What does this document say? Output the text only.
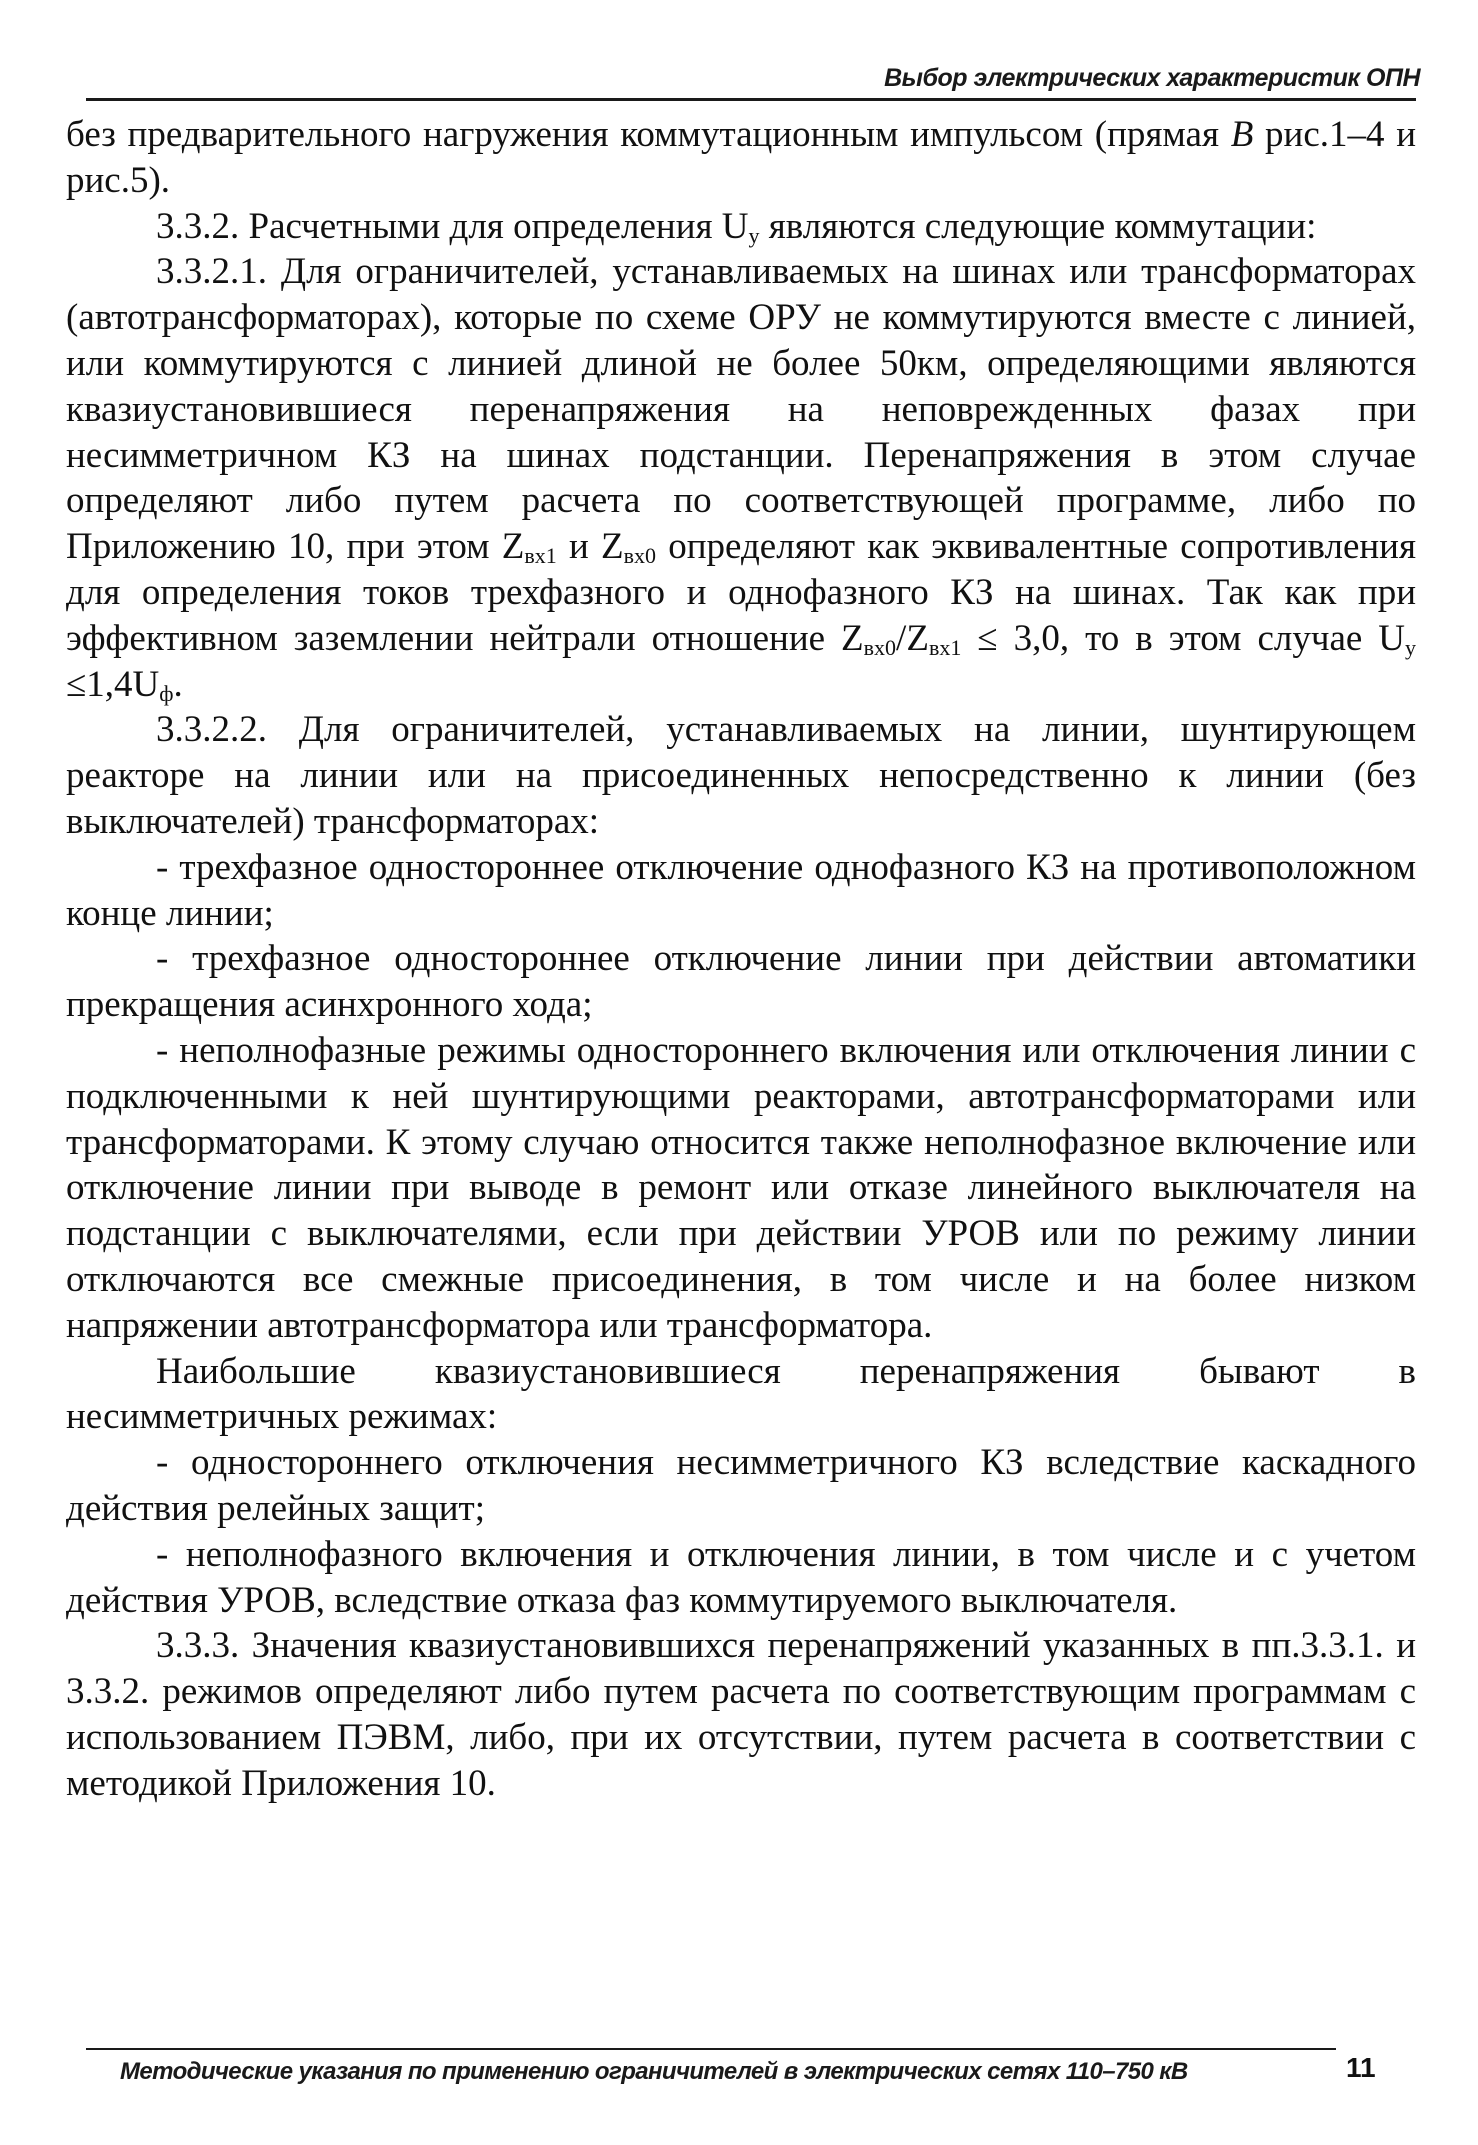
Выбор электрических характеристик ОПН

без предварительного нагружения коммутационным импульсом (прямая В рис.1–4 и рис.5).

3.3.2. Расчетными для определения $U_у$ являются следующие коммутации:

3.3.2.1. Для ограничителей, устанавливаемых на шинах или трансформаторах (автотрансформаторах), которые по схеме ОРУ не коммутируются вместе с линией, или коммутируются с линией длиной не более 50км, определяющими являются квазиустановившиеся перенапряжения на неповрежденных фазах при несимметричном КЗ на шинах подстанции. Перенапряжения в этом случае определяют либо путем расчета по соответствующей программе, либо по Приложению 10, при этом $Z_{вх1}$ и $Z_{вх0}$ определяют как эквивалентные сопротивления для определения токов трехфазного и однофазного КЗ на шинах. Так как при эффективном заземлении нейтрали отношение $Z_{вх0}/Z_{вх1} \le 3,0$, то в этом случае $U_у \le 1,4U_ф$.

3.3.2.2. Для ограничителей, устанавливаемых на линии, шунтирующем реакторе на линии или на присоединенных непосредственно к линии (без выключателей) трансформаторах:

- трехфазное одностороннее отключение однофазного КЗ на противоположном конце линии;

- трехфазное одностороннее отключение линии при действии автоматики прекращения асинхронного хода;

- неполнофазные режимы одностороннего включения или отключения линии с подключенными к ней шунтирующими реакторами, автотрансформаторами или трансформаторами. К этому случаю относится также неполнофазное включение или отключение линии при выводе в ремонт или отказе линейного выключателя на подстанции с выключателями, если при действии УРОВ или по режиму линии отключаются все смежные присоединения, в том числе и на более низком напряжении автотрансформатора или трансформатора.

Наибольшие квазиустановившиеся перенапряжения бывают в несимметричных режимах:

- одностороннего отключения несимметричного КЗ вследствие каскадного действия релейных защит;

- неполнофазного включения и отключения линии, в том числе и с учетом действия УРОВ, вследствие отказа фаз коммутируемого выключателя.

3.3.3. Значения квазиустановившихся перенапряжений указанных в пп.3.3.1. и 3.3.2. режимов определяют либо путем расчета по соответствующим программам с использованием ПЭВМ, либо, при их отсутствии, путем расчета в соответствии с методикой Приложения 10.

Методические указания по применению ограничителей в электрических сетях 110–750 кВ	11
